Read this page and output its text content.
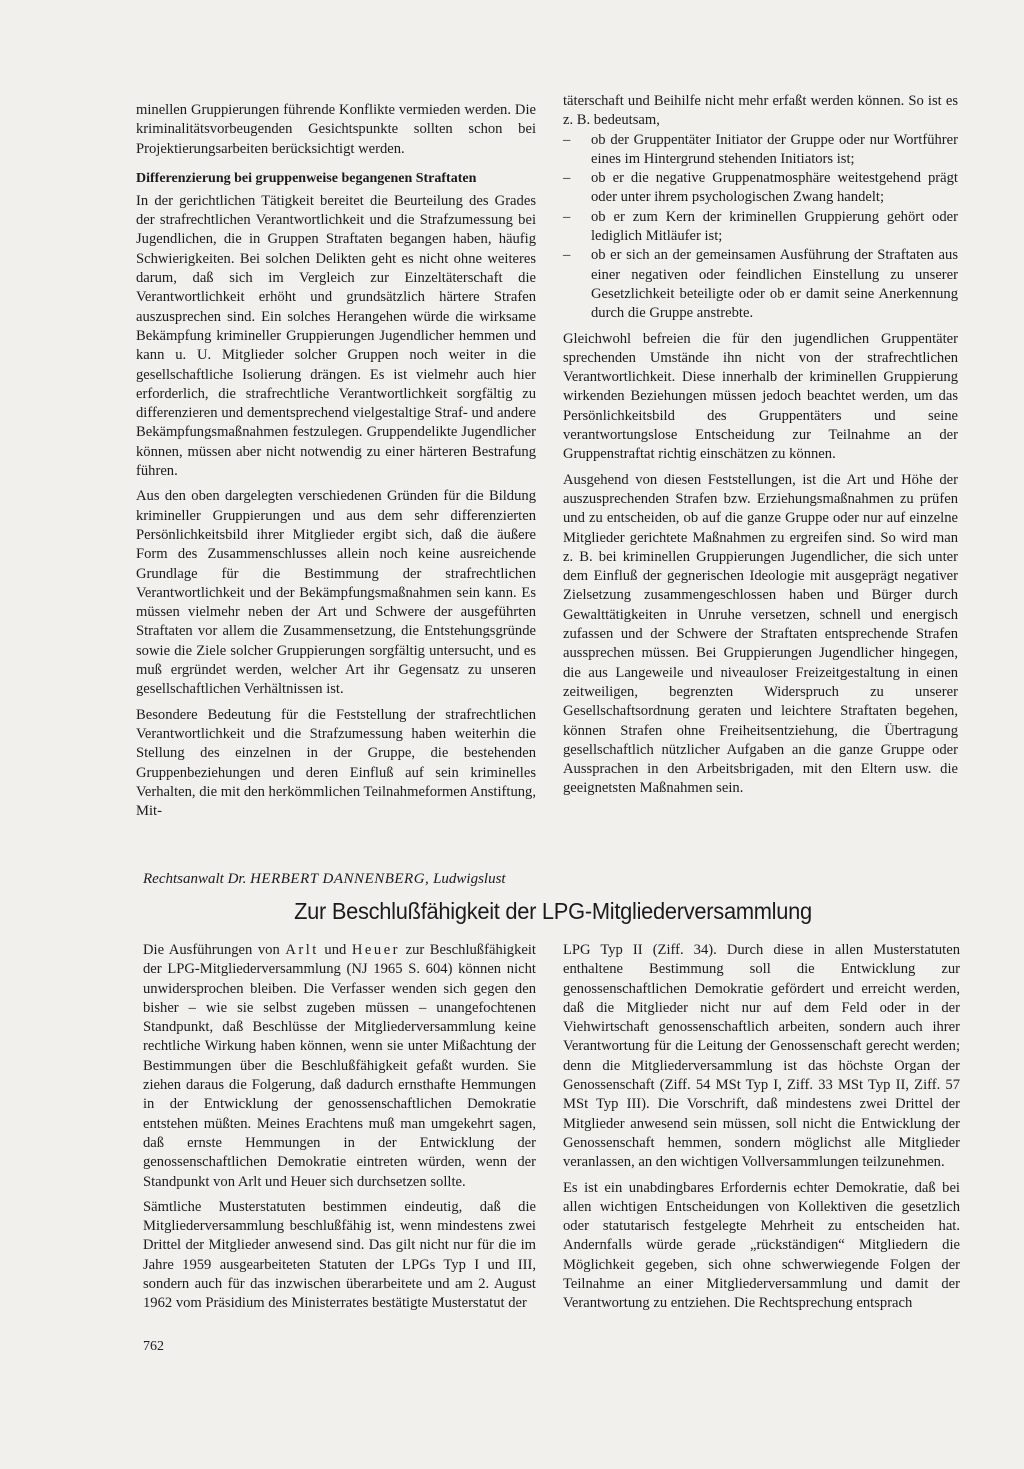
minellen Gruppierungen führende Konflikte vermieden werden. Die kriminalitätsvorbeugenden Gesichtspunkte sollten schon bei Projektierungsarbeiten berücksichtigt werden.

Differenzierung bei gruppenweise begangenen Straftaten

In der gerichtlichen Tätigkeit bereitet die Beurteilung des Grades der strafrechtlichen Verantwortlichkeit und die Strafzumessung bei Jugendlichen, die in Gruppen Straftaten begangen haben, häufig Schwierigkeiten. Bei solchen Delikten geht es nicht ohne weiteres darum, daß sich im Vergleich zur Einzeltäterschaft die Verantwortlichkeit erhöht und grundsätzlich härtere Strafen auszusprechen sind. Ein solches Herangehen würde die wirksame Bekämpfung krimineller Gruppierungen Jugendlicher hemmen und kann u. U. Mitglieder solcher Gruppen noch weiter in die gesellschaftliche Isolierung drängen. Es ist vielmehr auch hier erforderlich, die strafrechtliche Verantwortlichkeit sorgfältig zu differenzieren und dementsprechend vielgestaltige Straf- und andere Bekämpfungsmaßnahmen festzulegen. Gruppendelikte Jugendlicher können, müssen aber nicht notwendig zu einer härteren Bestrafung führen.

Aus den oben dargelegten verschiedenen Gründen für die Bildung krimineller Gruppierungen und aus dem sehr differenzierten Persönlichkeitsbild ihrer Mitglieder ergibt sich, daß die äußere Form des Zusammenschlusses allein noch keine ausreichende Grundlage für die Bestimmung der strafrechtlichen Verantwortlichkeit und der Bekämpfungsmaßnahmen sein kann. Es müssen vielmehr neben der Art und Schwere der ausgeführten Straftaten vor allem die Zusammensetzung, die Entstehungsgründe sowie die Ziele solcher Gruppierungen sorgfältig untersucht, und es muß ergründet werden, welcher Art ihr Gegensatz zu unseren gesellschaftlichen Verhältnissen ist.

Besondere Bedeutung für die Feststellung der strafrechtlichen Verantwortlichkeit und die Strafzumessung haben weiterhin die Stellung des einzelnen in der Gruppe, die bestehenden Gruppenbeziehungen und deren Einfluß auf sein kriminelles Verhalten, die mit den herkömmlichen Teilnahmeformen Anstiftung, Mit-

täterschaft und Beihilfe nicht mehr erfaßt werden können. So ist es z. B. bedeutsam,

– ob der Gruppentäter Initiator der Gruppe oder nur Wortführer eines im Hintergrund stehenden Initiators ist;
– ob er die negative Gruppenatmosphäre weitestgehend prägt oder unter ihrem psychologischen Zwang handelt;
– ob er zum Kern der kriminellen Gruppierung gehört oder lediglich Mitläufer ist;
– ob er sich an der gemeinsamen Ausführung der Straftaten aus einer negativen oder feindlichen Einstellung zu unserer Gesetzlichkeit beteiligte oder ob er damit seine Anerkennung durch die Gruppe anstrebte.

Gleichwohl befreien die für den jugendlichen Gruppentäter sprechenden Umstände ihn nicht von der strafrechtlichen Verantwortlichkeit. Diese innerhalb der kriminellen Gruppierung wirkenden Beziehungen müssen jedoch beachtet werden, um das Persönlichkeitsbild des Gruppentäters und seine verantwortungslose Entscheidung zur Teilnahme an der Gruppenstraftat richtig einschätzen zu können.

Ausgehend von diesen Feststellungen, ist die Art und Höhe der auszusprechenden Strafen bzw. Erziehungsmaßnahmen zu prüfen und zu entscheiden, ob auf die ganze Gruppe oder nur auf einzelne Mitglieder gerichtete Maßnahmen zu ergreifen sind. So wird man z. B. bei kriminellen Gruppierungen Jugendlicher, die sich unter dem Einfluß der gegnerischen Ideologie mit ausgeprägt negativer Zielsetzung zusammengeschlossen haben und Bürger durch Gewalttätigkeiten in Unruhe versetzen, schnell und energisch zufassen und der Schwere der Straftaten entsprechende Strafen aussprechen müssen. Bei Gruppierungen Jugendlicher hingegen, die aus Langeweile und niveauloser Freizeitgestaltung in einen zeitweiligen, begrenzten Widerspruch zu unserer Gesellschaftsordnung geraten und leichtere Straftaten begehen, können Strafen ohne Freiheitsentziehung, die Übertragung gesellschaftlich nützlicher Aufgaben an die ganze Gruppe oder Aussprachen in den Arbeitsbrigaden, mit den Eltern usw. die geeignetsten Maßnahmen sein.

Rechtsanwalt Dr. HERBERT DANNENBERG, Ludwigslust
Zur Beschlußfähigkeit der LPG-Mitgliederversammlung

Die Ausführungen von Arlt und Heuer zur Beschlußfähigkeit der LPG-Mitgliederversammlung (NJ 1965 S. 604) können nicht unwidersprochen bleiben. Die Verfasser wenden sich gegen den bisher – wie sie selbst zugeben müssen – unangefochtenen Standpunkt, daß Beschlüsse der Mitgliederversammlung keine rechtliche Wirkung haben können, wenn sie unter Mißachtung der Bestimmungen über die Beschlußfähigkeit gefaßt wurden. Sie ziehen daraus die Folgerung, daß dadurch ernsthafte Hemmungen in der Entwicklung der genossenschaftlichen Demokratie entstehen müßten. Meines Erachtens muß man umgekehrt sagen, daß ernste Hemmungen in der Entwicklung der genossenschaftlichen Demokratie eintreten würden, wenn der Standpunkt von Arlt und Heuer sich durchsetzen sollte.

Sämtliche Musterstatuten bestimmen eindeutig, daß die Mitgliederversammlung beschlußfähig ist, wenn mindestens zwei Drittel der Mitglieder anwesend sind. Das gilt nicht nur für die im Jahre 1959 ausgearbeiteten Statuten der LPGs Typ I und III, sondern auch für das inzwischen überarbeitete und am 2. August 1962 vom Präsidium des Ministerrates bestätigte Musterstatut der

LPG Typ II (Ziff. 34). Durch diese in allen Musterstatuten enthaltene Bestimmung soll die Entwicklung zur genossenschaftlichen Demokratie gefördert und erreicht werden, daß die Mitglieder nicht nur auf dem Feld oder in der Viehwirtschaft genossenschaftlich arbeiten, sondern auch ihrer Verantwortung für die Leitung der Genossenschaft gerecht werden; denn die Mitgliederversammlung ist das höchste Organ der Genossenschaft (Ziff. 54 MSt Typ I, Ziff. 33 MSt Typ II, Ziff. 57 MSt Typ III). Die Vorschrift, daß mindestens zwei Drittel der Mitglieder anwesend sein müssen, soll nicht die Entwicklung der Genossenschaft hemmen, sondern möglichst alle Mitglieder veranlassen, an den wichtigen Vollversammlungen teilzunehmen.

Es ist ein unabdingbares Erfordernis echter Demokratie, daß bei allen wichtigen Entscheidungen von Kollektiven die gesetzlich oder statutarisch festgelegte Mehrheit zu entscheiden hat. Andernfalls würde gerade „rückständigen“ Mitgliedern die Möglichkeit gegeben, sich ohne schwerwiegende Folgen der Teilnahme an einer Mitgliederversammlung und damit der Verantwortung zu entziehen. Die Rechtsprechung entsprach

762
